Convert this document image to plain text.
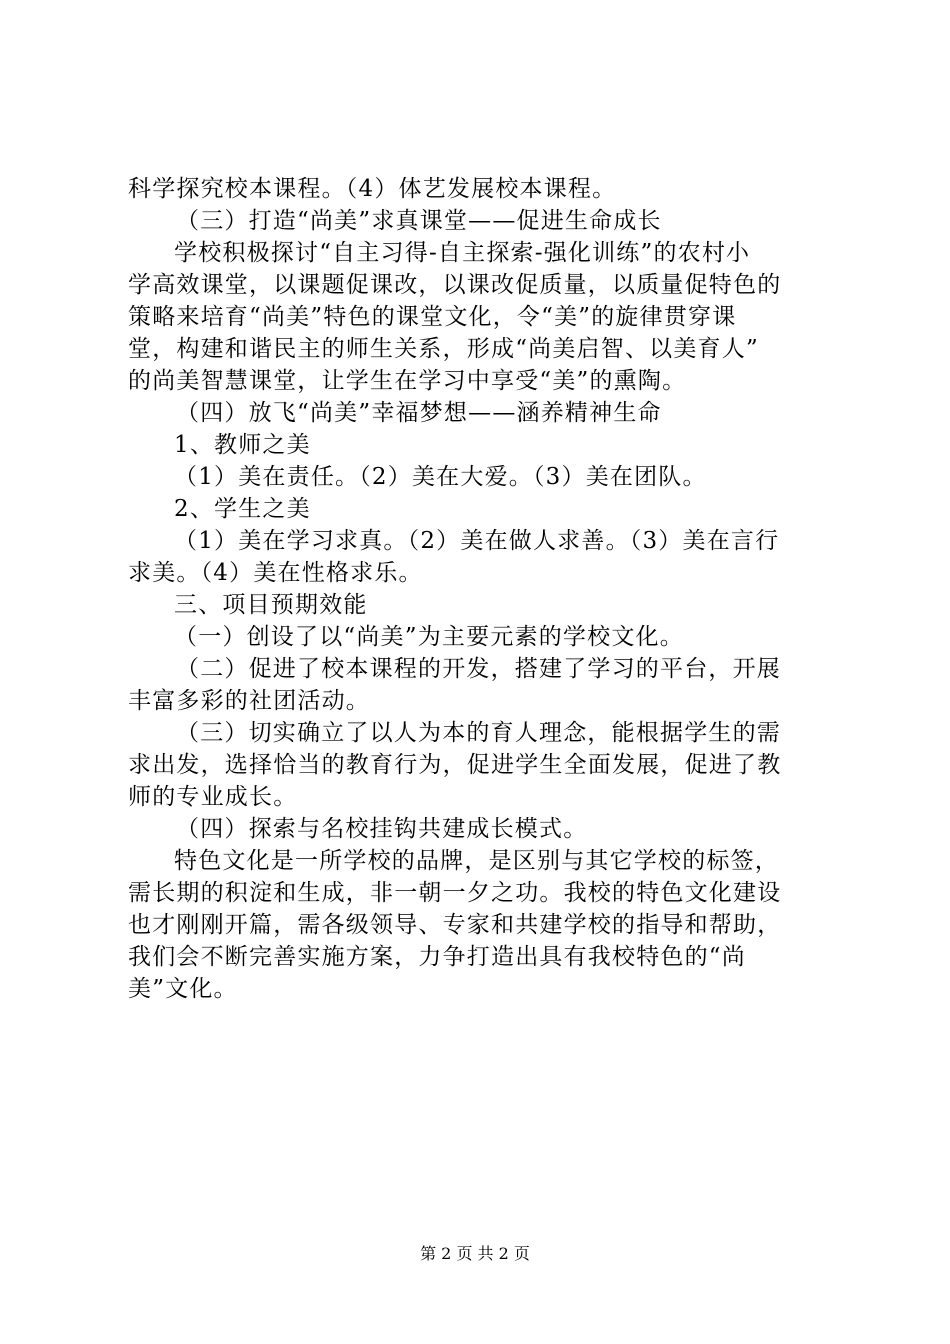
科学探究校本课程。（4）体艺发展校本课程。
（三）打造“尚美”求真课堂——促进生命成长
学校积极探讨“自主习得-自主探索-强化训练”的农村小
学高效课堂，以课题促课改，以课改促质量，以质量促特色的
策略来培育“尚美”特色的课堂文化，令“美”的旋律贯穿课
堂，构建和谐民主的师生关系，形成“尚美启智、以美育人”
的尚美智慧课堂，让学生在学习中享受“美”的熏陶。
（四）放飞“尚美”幸福梦想——涵养精神生命
1、教师之美
（1）美在责任。（2）美在大爱。（3）美在团队。
2、学生之美
（1）美在学习求真。（2）美在做人求善。（3）美在言行
求美。（4）美在性格求乐。
三、项目预期效能
（一）创设了以“尚美”为主要元素的学校文化。
（二）促进了校本课程的开发，搭建了学习的平台，开展
丰富多彩的社团活动。
（三）切实确立了以人为本的育人理念，能根据学生的需
求出发，选择恰当的教育行为，促进学生全面发展，促进了教
师的专业成长。
（四）探索与名校挂钩共建成长模式。
特色文化是一所学校的品牌，是区别与其它学校的标签，
需长期的积淀和生成，非一朝一夕之功。我校的特色文化建设
也才刚刚开篇，需各级领导、专家和共建学校的指导和帮助，
我们会不断完善实施方案，力争打造出具有我校特色的“尚
美”文化。
第 2 页 共 2 页
